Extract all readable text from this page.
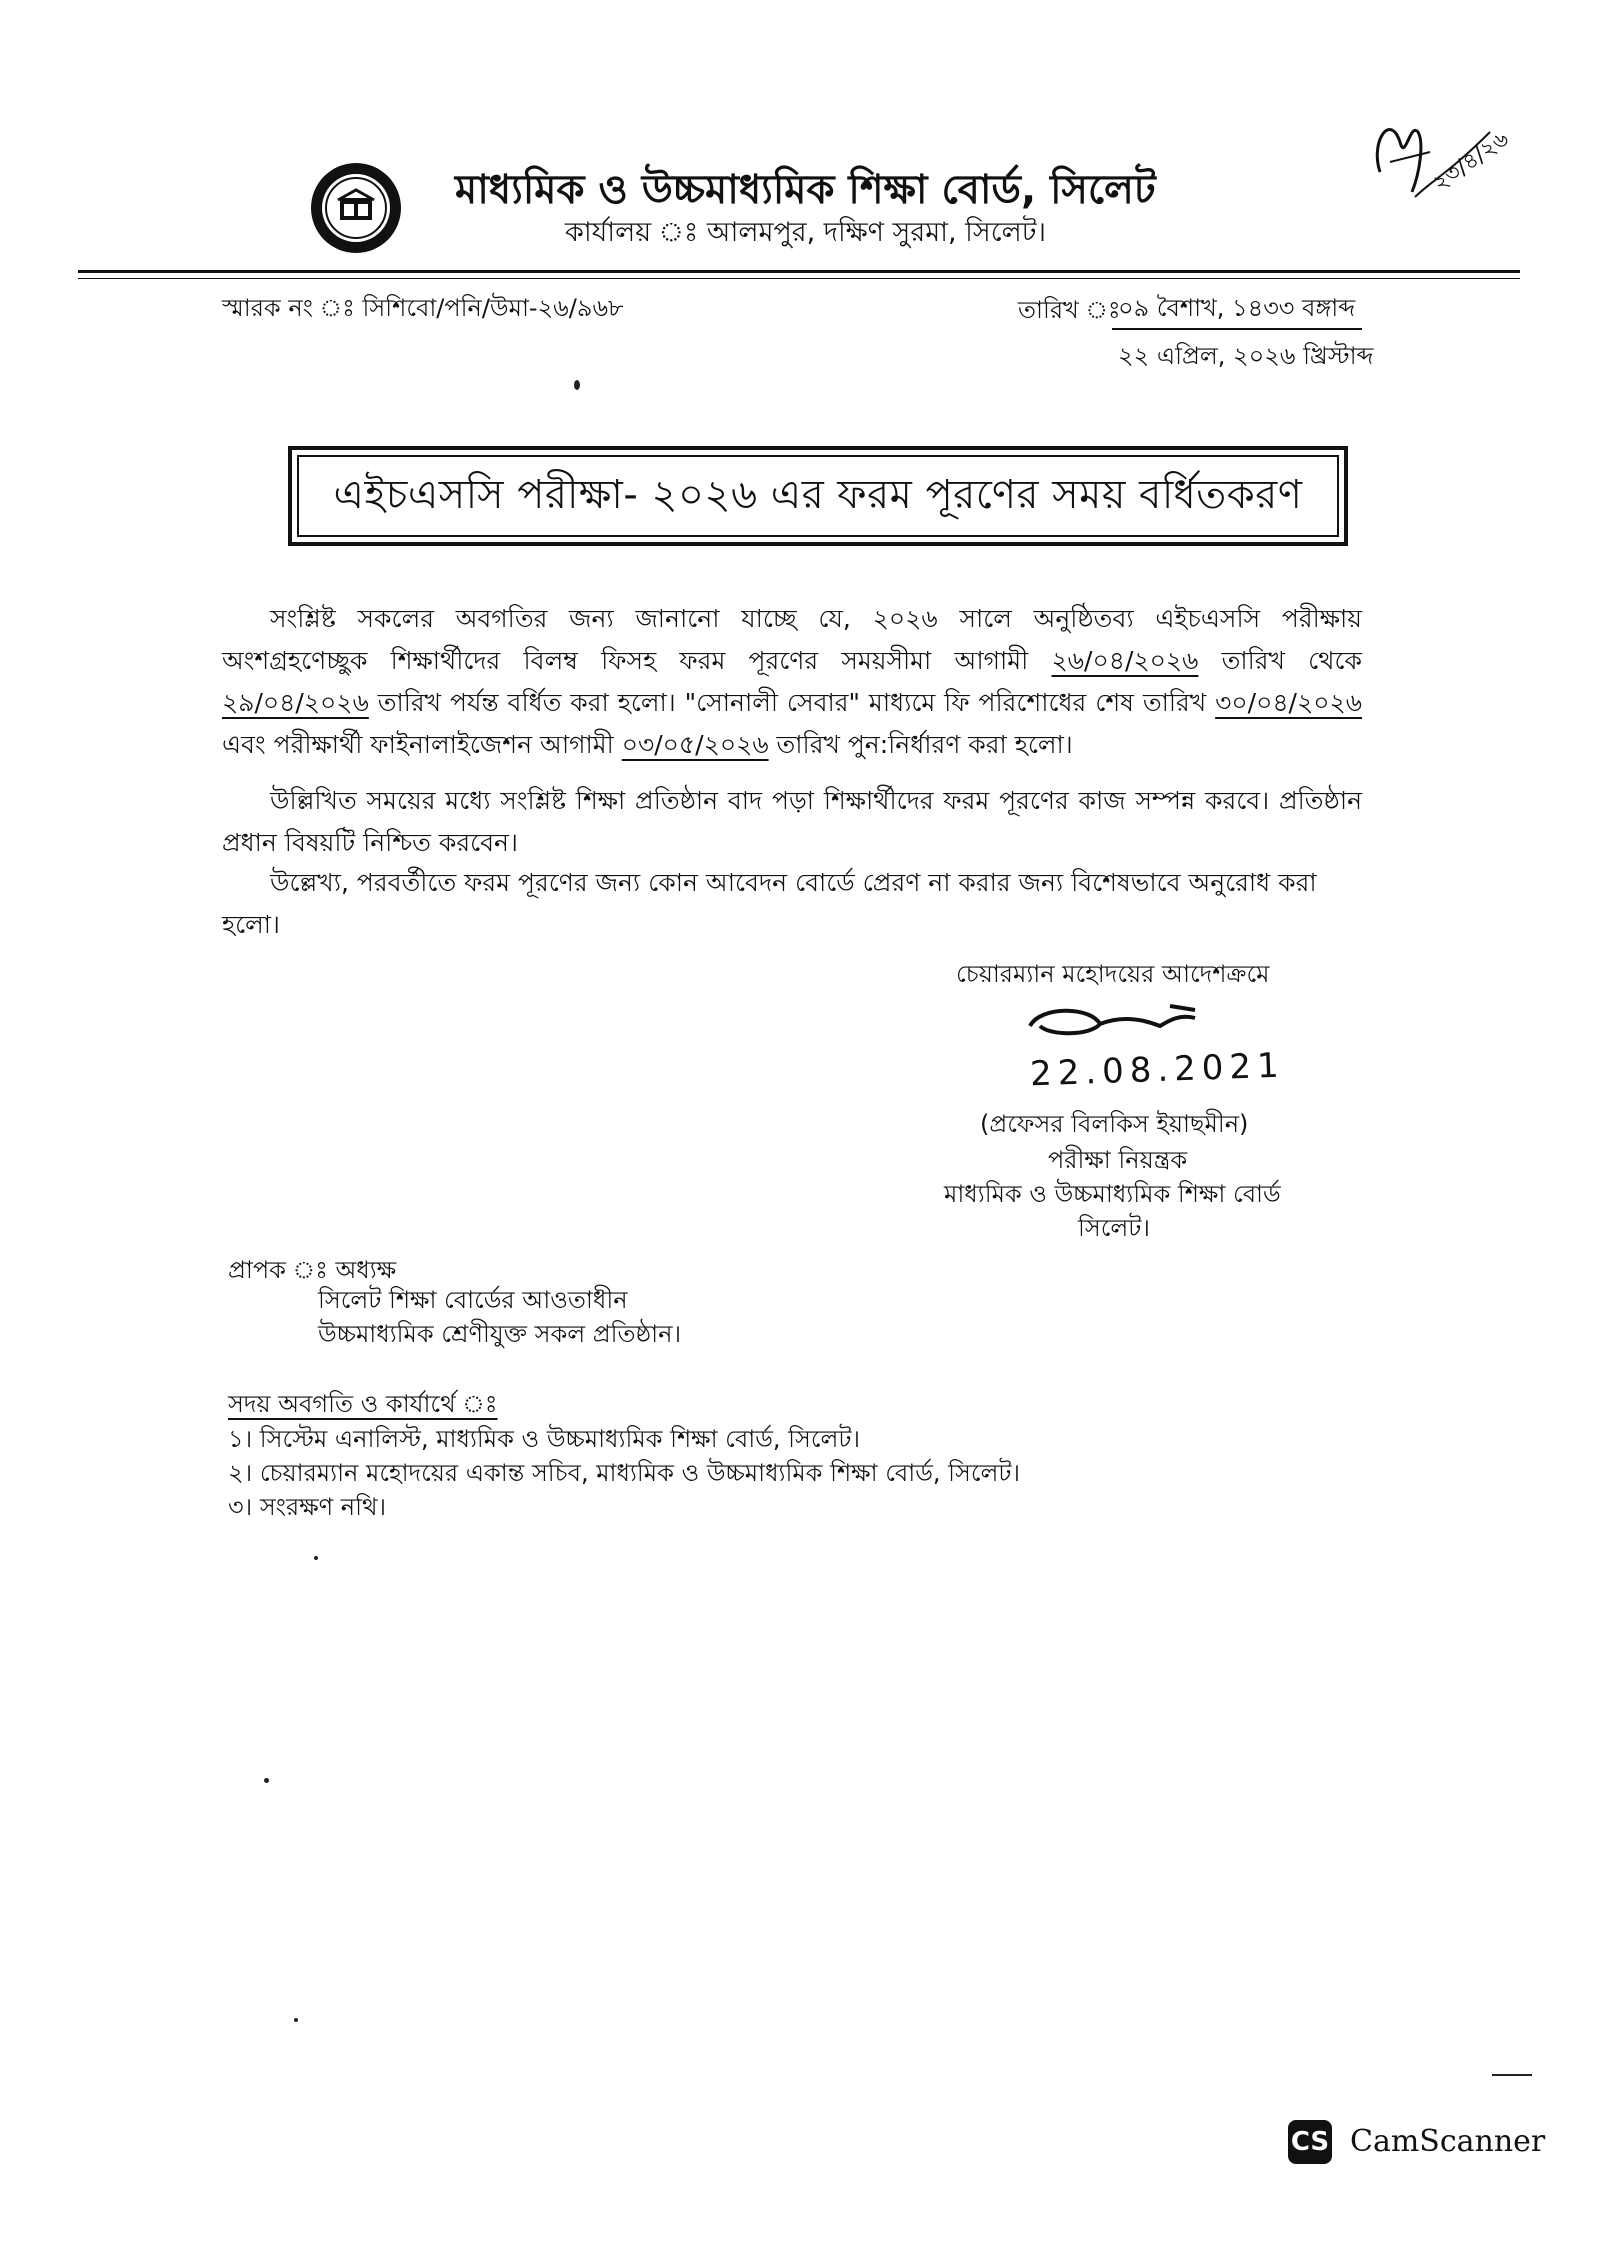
মাধ্যমিক ও উচ্চমাধ্যমিক শিক্ষা বোর্ড, সিলেট
কার্যালয় ঃ আলমপুর, দক্ষিণ সুরমা, সিলেট।
২৩/৪/২৬
স্মারক নং ঃ সিশিবো/পনি/উমা-২৬/৯৬৮	তারিখ ঃ
০৯ বৈশাখ, ১৪৩৩ বঙ্গাব্দ
২২ এপ্রিল, ২০২৬ খ্রিস্টাব্দ
এইচএসসি পরীক্ষা- ২০২৬ এর ফরম পূরণের সময় বর্ধিতকরণ
সংশ্লিষ্ট সকলের অবগতির জন্য জানানো যাচ্ছে যে, ২০২৬ সালে অনুষ্ঠিতব্য এইচএসসি পরীক্ষায় অংশগ্রহণেচ্ছুক শিক্ষার্থীদের বিলম্ব ফিসহ ফরম পূরণের সময়সীমা আগামী ২৬/০৪/২০২৬ তারিখ থেকে ২৯/০৪/২০২৬ তারিখ পর্যন্ত বর্ধিত করা হলো। "সোনালী সেবার" মাধ্যমে ফি পরিশোধের শেষ তারিখ ৩০/০৪/২০২৬ এবং পরীক্ষার্থী ফাইনালাইজেশন আগামী ০৩/০৫/২০২৬ তারিখ পুন:নির্ধারণ করা হলো।
উল্লিখিত সময়ের মধ্যে সংশ্লিষ্ট শিক্ষা প্রতিষ্ঠান বাদ পড়া শিক্ষার্থীদের ফরম পূরণের কাজ সম্পন্ন করবে। প্রতিষ্ঠান প্রধান বিষয়টি নিশ্চিত করবেন।
উল্লেখ্য, পরবর্তীতে ফরম পূরণের জন্য কোন আবেদন বোর্ডে প্রেরণ না করার জন্য বিশেষভাবে অনুরোধ করা হলো।
চেয়ারম্যান মহোদয়ের আদেশক্রমে
22.08.2021
(প্রফেসর বিলকিস ইয়াছমীন)
পরীক্ষা নিয়ন্ত্রক
মাধ্যমিক ও উচ্চমাধ্যমিক শিক্ষা বোর্ড
সিলেট।
প্রাপক ঃ অধ্যক্ষ
সিলেট শিক্ষা বোর্ডের আওতাধীন
উচ্চমাধ্যমিক শ্রেণীযুক্ত সকল প্রতিষ্ঠান।
সদয় অবগতি ও কার্যার্থে ঃ
১। সিস্টেম এনালিস্ট, মাধ্যমিক ও উচ্চমাধ্যমিক শিক্ষা বোর্ড, সিলেট।
২। চেয়ারম্যান মহোদয়ের একান্ত সচিব, মাধ্যমিক ও উচ্চমাধ্যমিক শিক্ষা বোর্ড, সিলেট।
৩। সংরক্ষণ নথি।
CS CamScanner
